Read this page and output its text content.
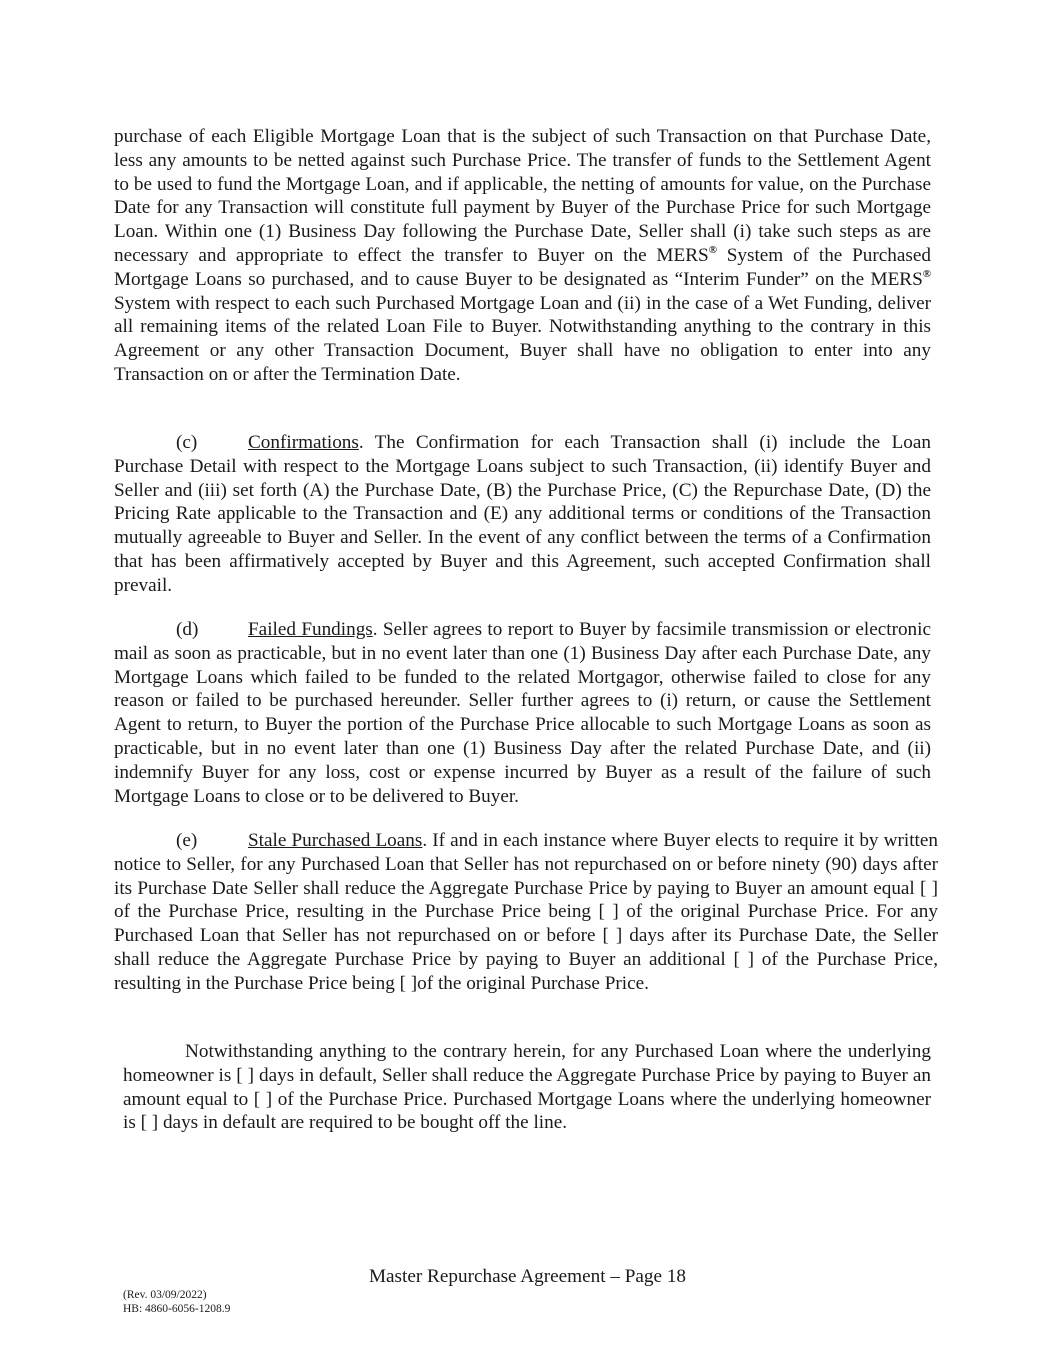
purchase of each Eligible Mortgage Loan that is the subject of such Transaction on that Purchase Date, less any amounts to be netted against such Purchase Price. The transfer of funds to the Settlement Agent to be used to fund the Mortgage Loan, and if applicable, the netting of amounts for value, on the Purchase Date for any Transaction will constitute full payment by Buyer of the Purchase Price for such Mortgage Loan. Within one (1) Business Day following the Purchase Date, Seller shall (i) take such steps as are necessary and appropriate to effect the transfer to Buyer on the MERS® System of the Purchased Mortgage Loans so purchased, and to cause Buyer to be designated as “Interim Funder” on the MERS® System with respect to each such Purchased Mortgage Loan and (ii) in the case of a Wet Funding, deliver all remaining items of the related Loan File to Buyer. Notwithstanding anything to the contrary in this Agreement or any other Transaction Document, Buyer shall have no obligation to enter into any Transaction on or after the Termination Date.

(c)	Confirmations. The Confirmation for each Transaction shall (i) include the Loan Purchase Detail with respect to the Mortgage Loans subject to such Transaction, (ii) identify Buyer and Seller and (iii) set forth (A) the Purchase Date, (B) the Purchase Price, (C) the Repurchase Date, (D) the Pricing Rate applicable to the Transaction and (E) any additional terms or conditions of the Transaction mutually agreeable to Buyer and Seller. In the event of any conflict between the terms of a Confirmation that has been affirmatively accepted by Buyer and this Agreement, such accepted Confirmation shall prevail.

(d)	Failed Fundings. Seller agrees to report to Buyer by facsimile transmission or electronic mail as soon as practicable, but in no event later than one (1) Business Day after each Purchase Date, any Mortgage Loans which failed to be funded to the related Mortgagor, otherwise failed to close for any reason or failed to be purchased hereunder. Seller further agrees to (i) return, or cause the Settlement Agent to return, to Buyer the portion of the Purchase Price allocable to such Mortgage Loans as soon as practicable, but in no event later than one (1) Business Day after the related Purchase Date, and (ii) indemnify Buyer for any loss, cost or expense incurred by Buyer as a result of the failure of such Mortgage Loans to close or to be delivered to Buyer.

(e)	Stale Purchased Loans. If and in each instance where Buyer elects to require it by written notice to Seller, for any Purchased Loan that Seller has not repurchased on or before ninety (90) days after its Purchase Date Seller shall reduce the Aggregate Purchase Price by paying to Buyer an amount equal [ ] of the Purchase Price, resulting in the Purchase Price being [ ] of the original Purchase Price. For any Purchased Loan that Seller has not repurchased on or before [ ] days after its Purchase Date, the Seller shall reduce the Aggregate Purchase Price by paying to Buyer an additional [ ] of the Purchase Price, resulting in the Purchase Price being [ ]of the original Purchase Price.

Notwithstanding anything to the contrary herein, for any Purchased Loan where the underlying homeowner is [ ] days in default, Seller shall reduce the Aggregate Purchase Price by paying to Buyer an amount equal to [ ] of the Purchase Price. Purchased Mortgage Loans where the underlying homeowner is [ ] days in default are required to be bought off the line.

Master Repurchase Agreement – Page 18

(Rev. 03/09/2022)

HB: 4860-6056-1208.9
